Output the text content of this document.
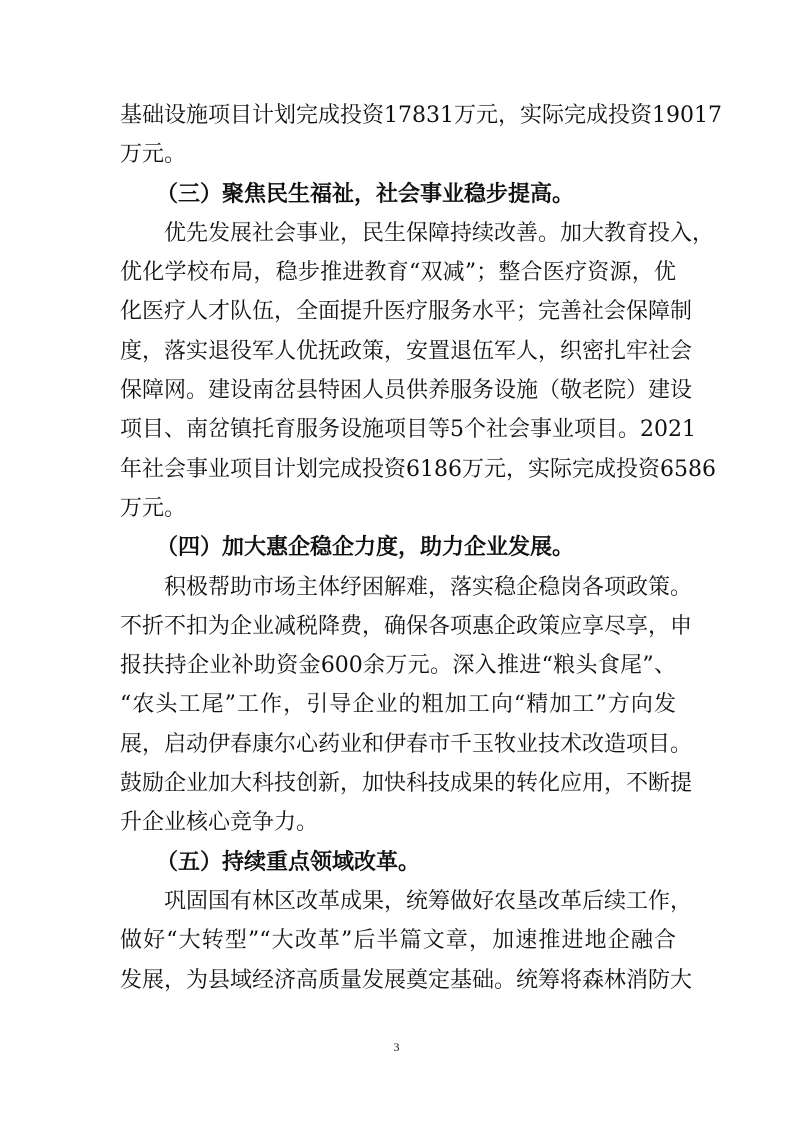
基础设施项目计划完成投资17831万元，实际完成投资19017
万元。
（三）聚焦民生福祉，社会事业稳步提高。
优先发展社会事业，民生保障持续改善。加大教育投入，
优化学校布局，稳步推进教育“双减”；整合医疗资源，优
化医疗人才队伍，全面提升医疗服务水平；完善社会保障制
度，落实退役军人优抚政策，安置退伍军人，织密扎牢社会
保障网。建设南岔县特困人员供养服务设施（敬老院）建设
项目、南岔镇托育服务设施项目等5个社会事业项目。2021
年社会事业项目计划完成投资6186万元，实际完成投资6586
万元。
（四）加大惠企稳企力度，助力企业发展。
积极帮助市场主体纾困解难，落实稳企稳岗各项政策。
不折不扣为企业减税降费，确保各项惠企政策应享尽享，申
报扶持企业补助资金600余万元。深入推进“粮头食尾”、
“农头工尾”工作，引导企业的粗加工向“精加工”方向发
展，启动伊春康尔心药业和伊春市千玉牧业技术改造项目。
鼓励企业加大科技创新，加快科技成果的转化应用，不断提
升企业核心竞争力。
（五）持续重点领域改革。
巩固国有林区改革成果，统筹做好农垦改革后续工作，
做好“大转型”“大改革”后半篇文章，加速推进地企融合
发展，为县域经济高质量发展奠定基础。统筹将森林消防大
3
